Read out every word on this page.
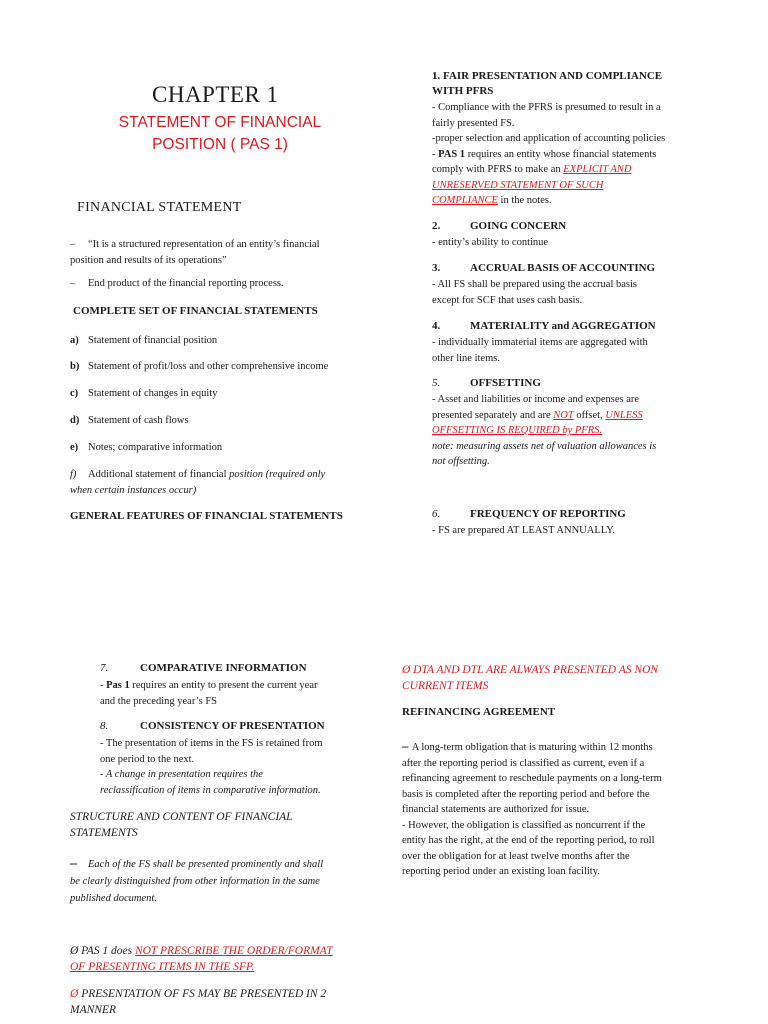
CHAPTER 1
STATEMENT OF FINANCIAL
POSITION ( PAS 1)
FINANCIAL STATEMENT
– “It is a structured representation of an entity’s financial
position and results of its operations”
– End product of the financial reporting process.
COMPLETE SET OF FINANCIAL STATEMENTS
a) Statement of financial position
b) Statement of profit/loss and other comprehensive income
c) Statement of changes in equity
d) Statement of cash flows
e) Notes; comparative information
f) Additional statement of financial position (required only
when certain instances occur)
GENERAL FEATURES OF FINANCIAL STATEMENTS
1. FAIR PRESENTATION AND COMPLIANCE
WITH PFRS
- Compliance with the PFRS is presumed to result in a
fairly presented FS.
-proper selection and application of accounting policies
- PAS 1 requires an entity whose financial statements
comply with PFRS to make an EXPLICIT AND
UNRESERVED STATEMENT OF SUCH
COMPLIANCE in the notes.
2.	GOING CONCERN
- entity’s ability to continue
3.	ACCRUAL BASIS OF ACCOUNTING
- All FS shall be prepared using the accrual basis
except for SCF that uses cash basis.
4.	MATERIALITY and AGGREGATION
- individually immaterial items are aggregated with
other line items.
5.	OFFSETTING
- Asset and liabilities or income and expenses are
presented separately and are NOT offset, UNLESS
OFFSETTING IS REQUIRED by PFRS.
note: measuring assets net of valuation allowances is
not offsetting.
6.	FREQUENCY OF REPORTING
- FS are prepared AT LEAST ANNUALLY.
7.	COMPARATIVE INFORMATION
- Pas 1 requires an entity to present the current year
and the preceding year’s FS
8.	CONSISTENCY OF PRESENTATION
- The presentation of items in the FS is retained from
one period to the next.
- A change in presentation requires the
reclassification of items in comparative information.
STRUCTURE AND CONTENT OF FINANCIAL
STATEMENTS
– Each of the FS shall be presented prominently and shall
be clearly distinguished from other information in the same
published document.
Ø PAS 1 does NOT PRESCRIBE THE ORDER/FORMAT
OF PRESENTING ITEMS IN THE SFP.
Ø PRESENTATION OF FS MAY BE PRESENTED IN 2
MANNER
Ø DTA AND DTL ARE ALWAYS PRESENTED AS NON
CURRENT ITEMS
REFINANCING AGREEMENT
– A long-term obligation that is maturing within 12 months
after the reporting period is classified as current, even if a
refinancing agreement to reschedule payments on a long-term
basis is completed after the reporting period and before the
financial statements are authorized for issue.
- However, the obligation is classified as noncurrent if the
entity has the right, at the end of the reporting period, to roll
over the obligation for at least twelve months after the
reporting period under an existing loan facility.
